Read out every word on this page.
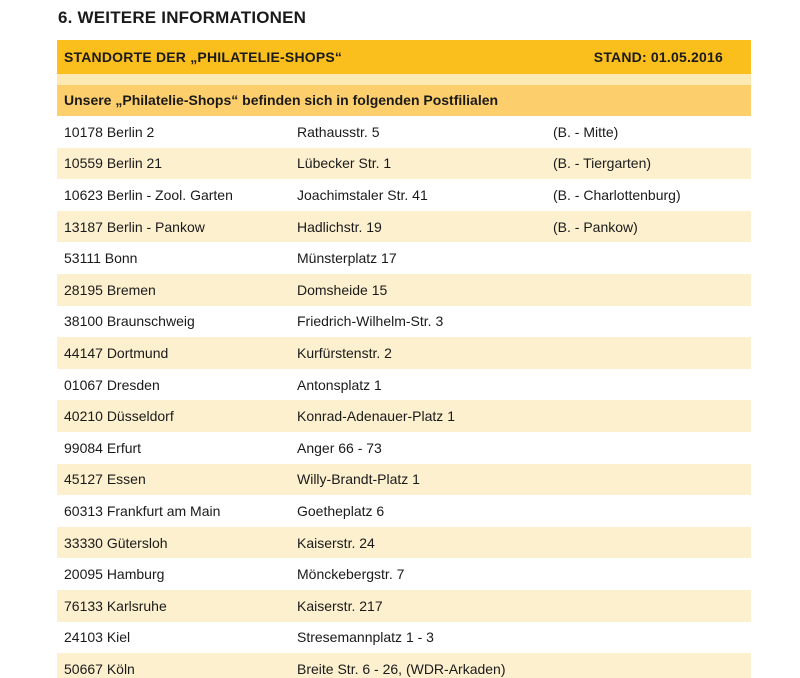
6. WEITERE INFORMATIONEN
STANDORTE DER „PHILATELIE-SHOPS“	STAND: 01.05.2016
Unsere „Philatelie-Shops“ befinden sich in folgenden Postfilialen
10178 Berlin 2	Rathausstr. 5	(B. - Mitte)
10559 Berlin 21	Lübecker Str. 1	(B. - Tiergarten)
10623 Berlin - Zool. Garten	Joachimstaler Str. 41	(B. - Charlottenburg)
13187 Berlin - Pankow	Hadlichstr. 19	(B. - Pankow)
53111 Bonn	Münsterplatz 17
28195 Bremen	Domsheide 15
38100 Braunschweig	Friedrich-Wilhelm-Str. 3
44147 Dortmund	Kurfürstenstr. 2
01067 Dresden	Antonsplatz 1
40210 Düsseldorf	Konrad-Adenauer-Platz 1
99084 Erfurt	Anger 66 - 73
45127 Essen	Willy-Brandt-Platz 1
60313 Frankfurt am Main	Goetheplatz 6
33330 Gütersloh	Kaiserstr. 24
20095 Hamburg	Mönckebergstr. 7
76133 Karlsruhe	Kaiserstr. 217
24103 Kiel	Stresemannplatz 1 - 3
50667 Köln	Breite Str. 6 - 26, (WDR-Arkaden)
